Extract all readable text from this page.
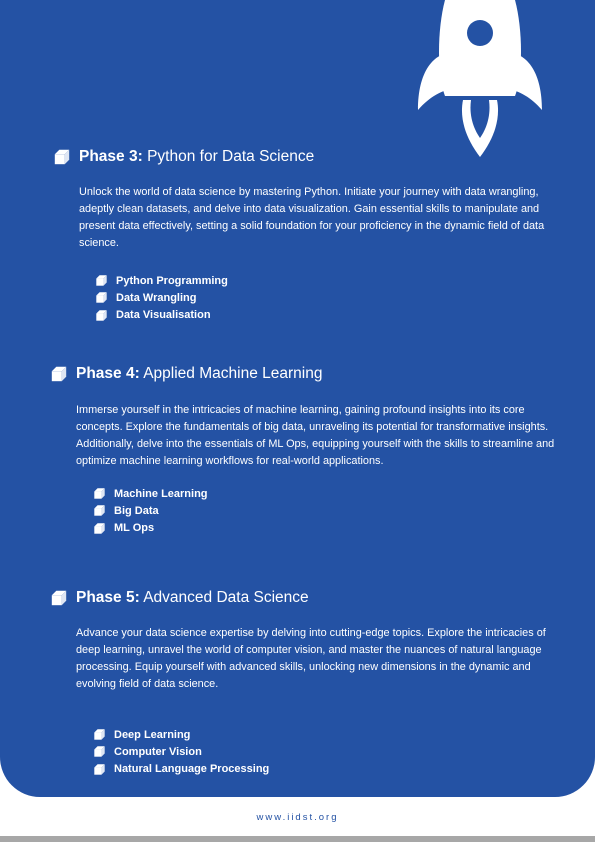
Phase 3: Python for Data Science

Unlock the world of data science by mastering Python. Initiate your journey with data wrangling, adeptly clean datasets, and delve into data visualization. Gain essential skills to manipulate and present data effectively, setting a solid foundation for your proficiency in the dynamic field of data science.

Python Programming
Data Wrangling
Data Visualisation
Phase 4: Applied Machine Learning

Immerse yourself in the intricacies of machine learning, gaining profound insights into its core concepts. Explore the fundamentals of big data, unraveling its potential for transformative insights. Additionally, delve into the essentials of ML Ops, equipping yourself with the skills to streamline and optimize machine learning workflows for real-world applications.

Machine Learning
Big Data
ML Ops
Phase 5: Advanced Data Science

Advance your data science expertise by delving into cutting-edge topics. Explore the intricacies of deep learning, unravel the world of computer vision, and master the nuances of natural language processing. Equip yourself with advanced skills, unlocking new dimensions in the dynamic and evolving field of data science.

Deep Learning
Computer Vision
Natural Language Processing
www.iidst.org
